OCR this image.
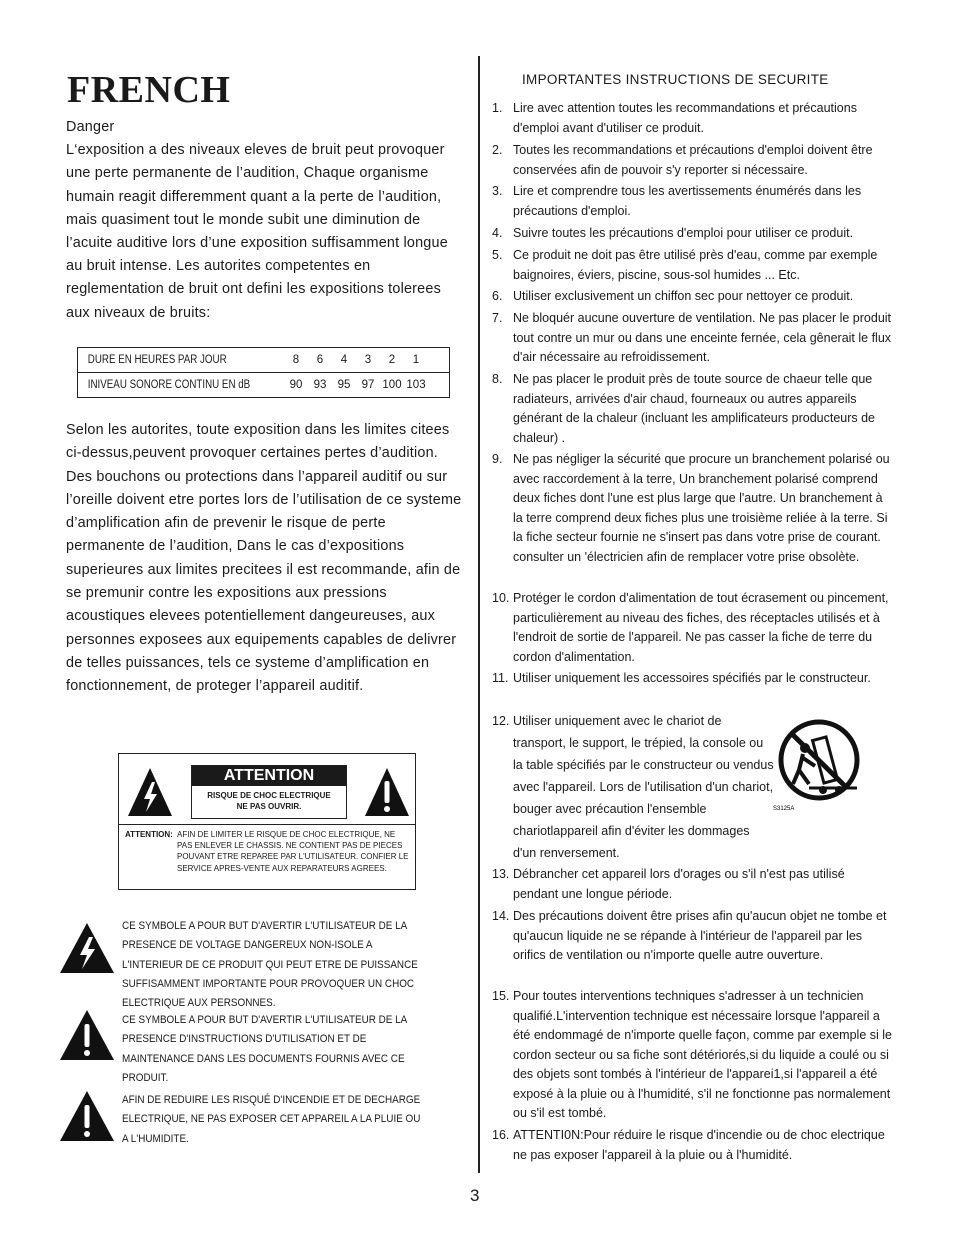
FRENCH

Danger

L‘exposition a des niveaux eleves de bruit peut provoquer une perte permanente de l’audition, Chaque organisme humain reagit differemment quant a la perte de l’audition, mais quasiment tout le monde subit une diminution de l’acuite auditive lors d’une exposition suffisamment longue au bruit intense. Les autorites competentes en reglementation de bruit ont defini les expositions tolerees aux niveaux de bruits:

DURE EN HEURES PAR JOUR	8	6	4	3	2	1	
INIVEAU SONORE CONTINU EN dB	90	93	95	97	100	103	

Selon les autorites, toute exposition dans les limites citees ci-dessus,peuvent provoquer certaines pertes d’audition. Des bouchons ou protections dans l’appareil auditif ou sur l’oreille doivent etre portes lors de l’utilisation de ce systeme d’amplification afin de prevenir le risque de perte permanente de l’audition, Dans le cas d’expositions superieures aux limites precitees il est recommande, afin de se premunir contre les expositions aux pressions acoustiques elevees potentiellement dangeureuses, aux personnes exposees aux equipements capables de delivrer de telles puissances, tels ce systeme d’amplification en fonctionnement, de proteger l’appareil auditif.

ATTENTION
RISQUE DE CHOC ELECTRIQUE
NE PAS OUVRIR.
ATTENTION: AFIN DE LIMITER LE RISQUE DE CHOC ELECTRIQUE, NE PAS ENLEVER LE CHASSIS. NE CONTIENT PAS DE PIECES POUVANT ETRE REPAREE PAR L'UTILISATEUR. CONFIER LE SERVICE APRES-VENTE AUX REPARATEURS AGREES.

CE SYMBOLE A POUR BUT D'AVERTIR L'UTILISATEUR DE LA PRESENCE DE VOLTAGE DANGEREUX NON-ISOLE A L'INTERIEUR DE CE PRODUIT QUI PEUT ETRE DE PUISSANCE SUFFISAMMENT IMPORTANTE POUR PROVOQUER UN CHOC ELECTRIQUE AUX PERSONNES.

CE SYMBOLE A POUR BUT D'AVERTIR L'UTILISATEUR DE LA PRESENCE D'INSTRUCTIONS D'UTILISATION ET DE MAINTENANCE DANS LES DOCUMENTS FOURNIS AVEC CE PRODUIT.

AFIN DE REDUIRE LES RISQUÉ D'INCENDIE ET DE DECHARGE ELECTRIQUE, NE PAS EXPOSER CET APPAREIL A LA PLUIE OU A L'HUMIDITE.

IMPORTANTES INSTRUCTIONS DE SECURITE

1. Lire avec attention toutes les recommandations et précautions d'emploi avant d'utiliser ce produit.
2. Toutes les recommandations et précautions d'emploi doivent être conservées afin de pouvoir s'y reporter si nécessaire.
3. Lire et comprendre tous les avertissements énumérés dans les précautions d'emploi.
4. Suivre toutes les précautions d'emploi pour utiliser ce produit.
5. Ce produit ne doit pas être utilisé près d'eau, comme par exemple baignoires, éviers, piscine, sous-sol humides ... Etc.
6. Utiliser exclusivement un chiffon sec pour nettoyer ce produit.
7. Ne bloquér aucune ouverture de ventilation. Ne pas placer le produit tout contre un mur ou dans une enceinte fernée, cela gênerait le flux d'air nécessaire au refroidissement.
8. Ne pas placer le produit près de toute source de chaeur telle que radiateurs, arrivées d'air chaud, fourneaux ou autres appareils générant de la chaleur (incluant les amplificateurs producteurs de chaleur) .
9. Ne pas négliger la sécurité que procure un branchement polarisé ou avec raccordement à la terre, Un branchement polarisé comprend deux fiches dont l'une est plus large que l'autre. Un branchement à la terre comprend deux fiches plus une troisième reliée à la terre. Si la fiche secteur fournie ne s'insert pas dans votre prise de courant. consulter un 'électricien afin de remplacer votre prise obsolète.
10. Protéger le cordon d'alimentation de tout écrasement ou pincement, particulièrement au niveau des fiches, des réceptacles utilisés et à l'endroit de sortie de l'appareil. Ne pas casser la fiche de terre du cordon d'alimentation.
11. Utiliser uniquement les accessoires spécifiés par le constructeur.
12. Utiliser uniquement avec le chariot de transport, le support, le trépied, la console ou la table spécifiés par le constructeur ou vendus avec l'appareil. Lors de l'utilisation d'un chariot, bouger avec précaution l'ensemble chariotlappareil afin d'éviter les dommages d'un renversement.
13. Débrancher cet appareil lors d'orages ou s'il n'est pas utilisé pendant une longue période.
14. Des précautions doivent être prises afin qu'aucun objet ne tombe et qu'aucun liquide ne se répande à l'intérieur de l'appareil par les orifics de ventilation ou n'importe quelle autre ouverture.
15. Pour toutes interventions techniques s'adresser à un technicien qualifié.L'intervention technique est nécessaire lorsque l'appareil a été endommagé de n'importe quelle façon, comme par exemple si le cordon secteur ou sa fiche sont détériorés,si du liquide a coulé ou si des objets sont tombés à l'intérieur de l'apparei1,si l'appareil a été exposé à la pluie ou à l'humidité, s'il ne fonctionne pas normalement ou s'il est tombé.
16. ATTENTI0N:Pour réduire le risque d'incendie ou de choc electrique ne pas exposer l'appareil à la pluie ou à l'humidité.
S3125A
3
